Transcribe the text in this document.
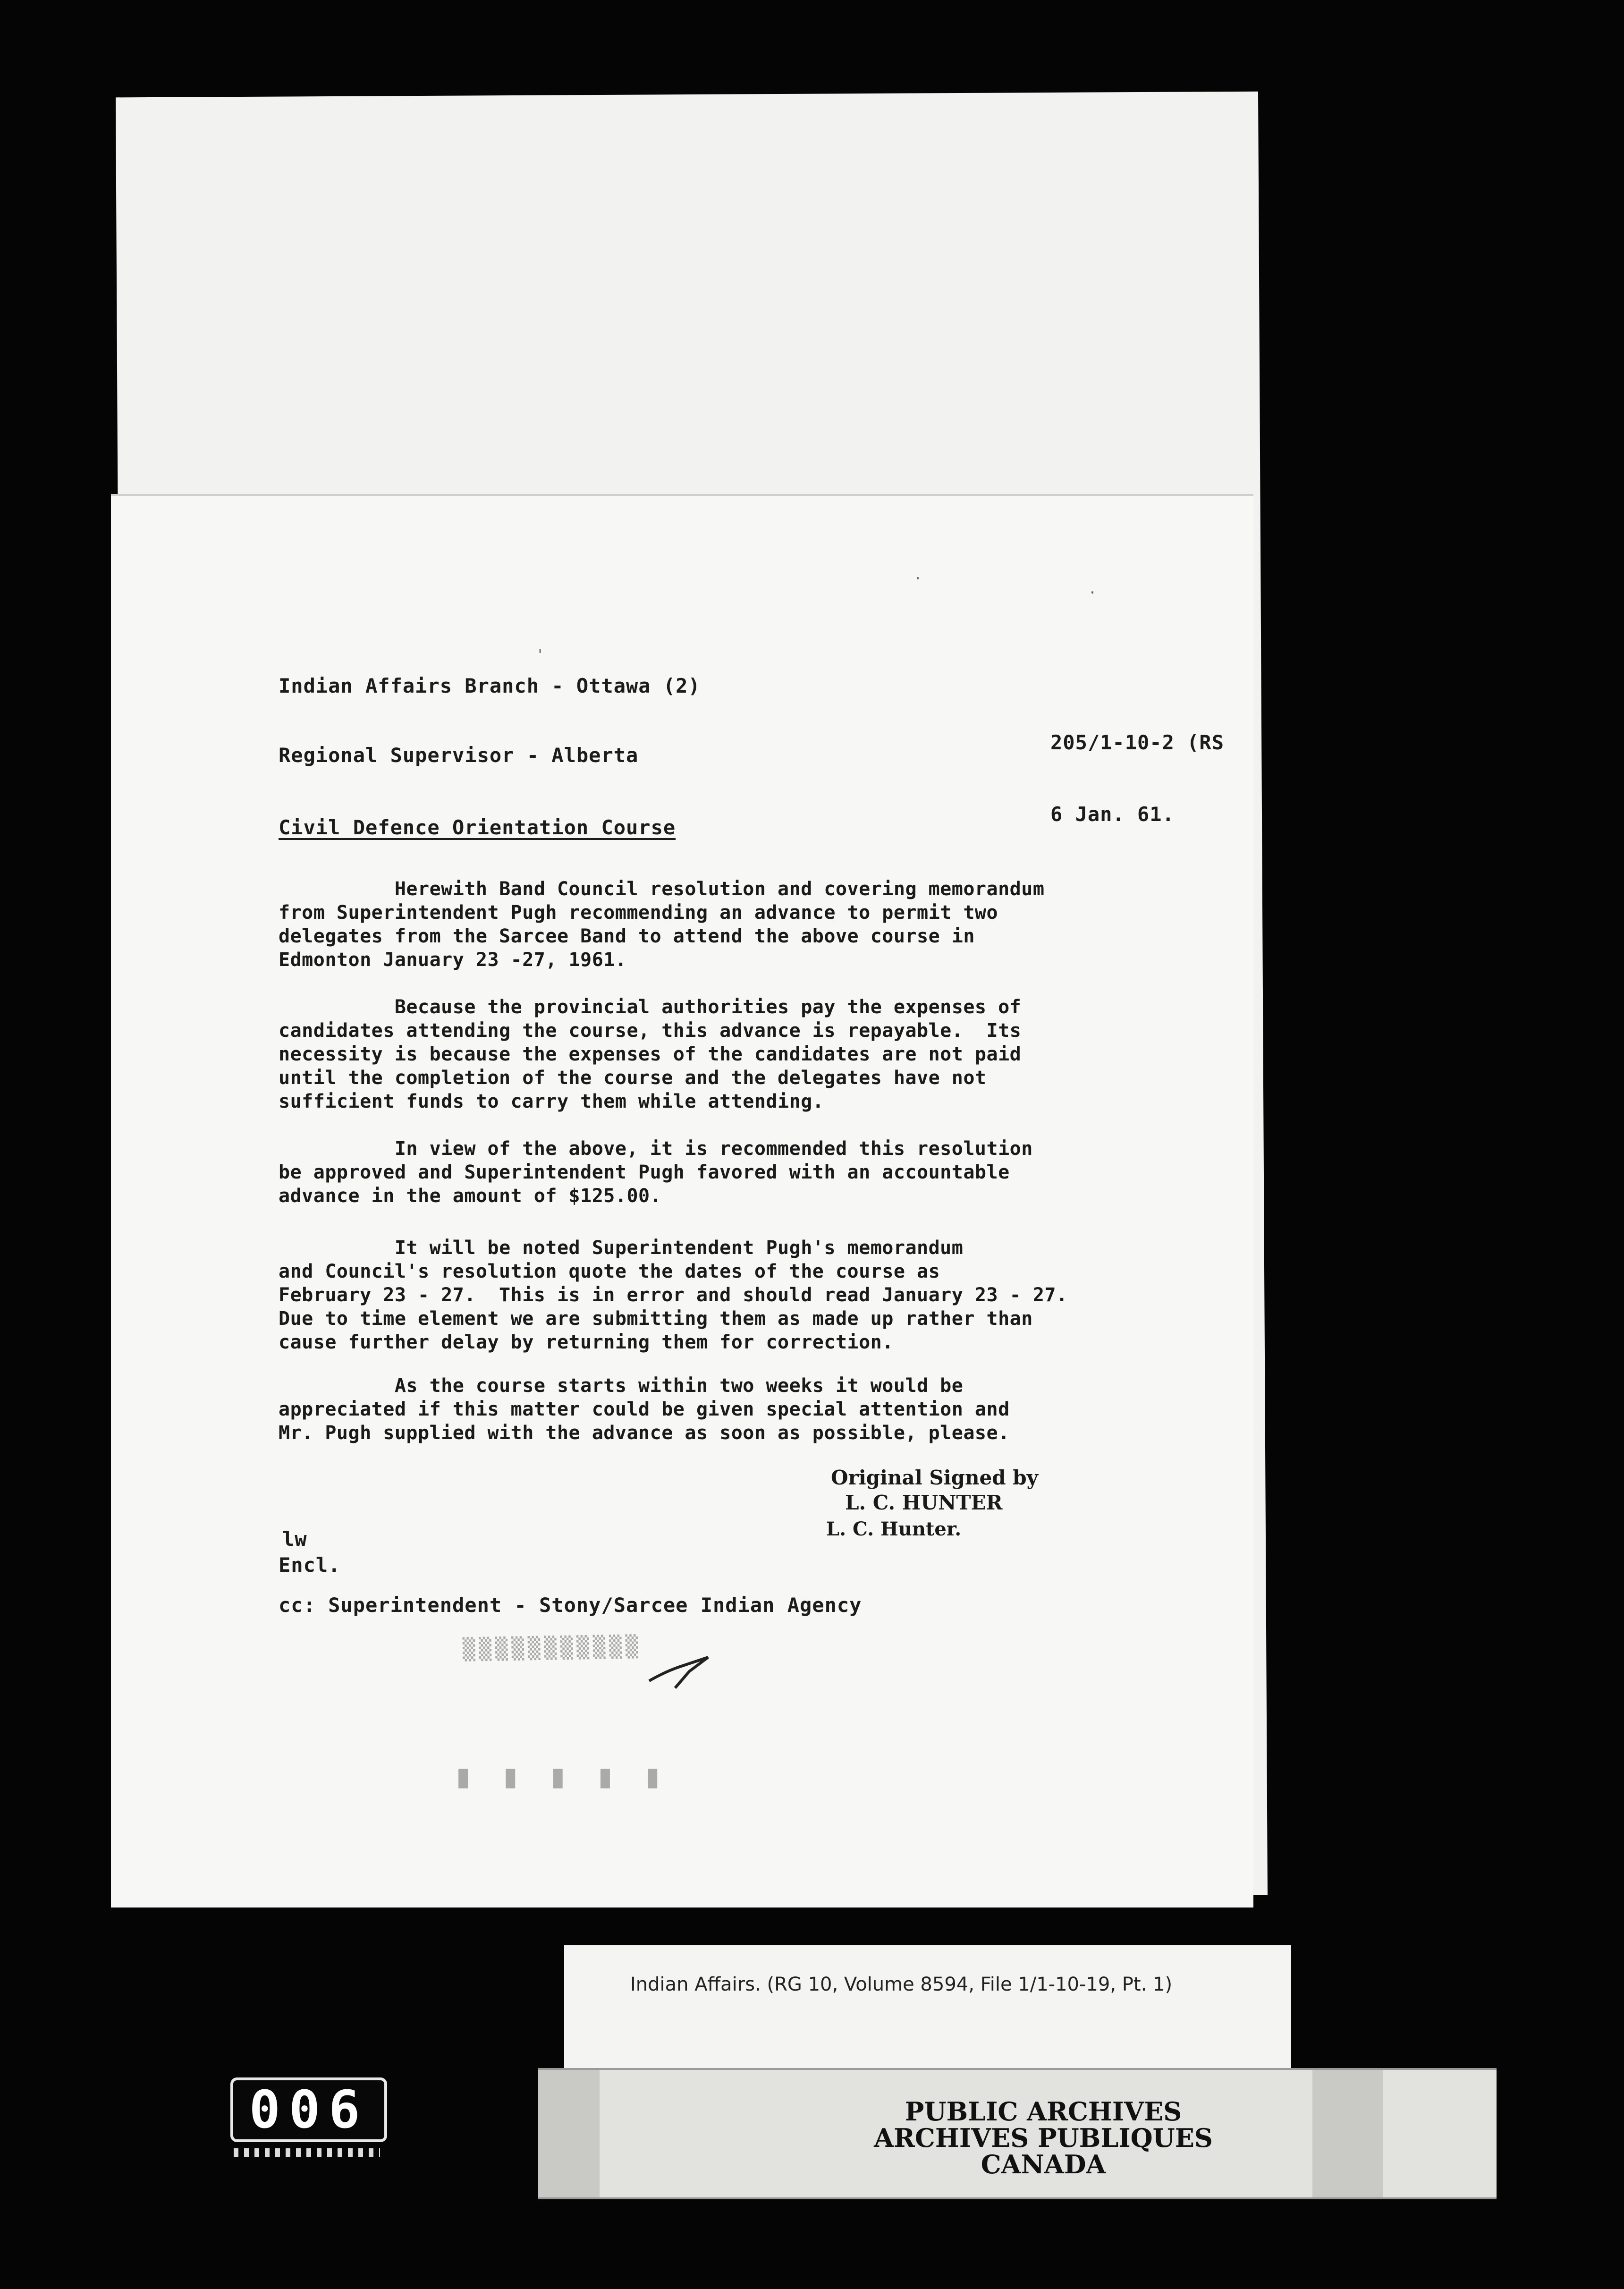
'
.
.
Indian Affairs Branch - Ottawa (2)
Regional Supervisor - Alberta
205/1-10-2 (RS
6 Jan. 61.
Civil Defence Orientation Course

Herewith Band Council resolution and covering memorandum
from Superintendent Pugh recommending an advance to permit two
delegates from the Sarcee Band to attend the above course in
Edmonton January 23 -27, 1961.

Because the provincial authorities pay the expenses of
candidates attending the course, this advance is repayable.  Its
necessity is because the expenses of the candidates are not paid
until the completion of the course and the delegates have not
sufficient funds to carry them while attending.

In view of the above, it is recommended this resolution
be approved and Superintendent Pugh favored with an accountable
advance in the amount of $125.00.

It will be noted Superintendent Pugh's memorandum
and Council's resolution quote the dates of the course as
February 23 - 27.  This is in error and should read January 23 - 27.
Due to time element we are submitting them as made up rather than
cause further delay by returning them for correction.

As the course starts within two weeks it would be
appreciated if this matter could be given special attention and
Mr. Pugh supplied with the advance as soon as possible, please.

Original Signed by
L. C. HUNTER
L. C. Hunter.
lw
Encl.
cc: Superintendent - Stony/Sarcee Indian Agency
▒▒▒▒▒▒▒▒▒▒▒
▮ ▮ ▮ ▮ ▮
Indian Affairs. (RG 10, Volume 8594, File 1/1-10-19, Pt. 1)
PUBLIC ARCHIVES
ARCHIVES PUBLIQUES
CANADA
006
